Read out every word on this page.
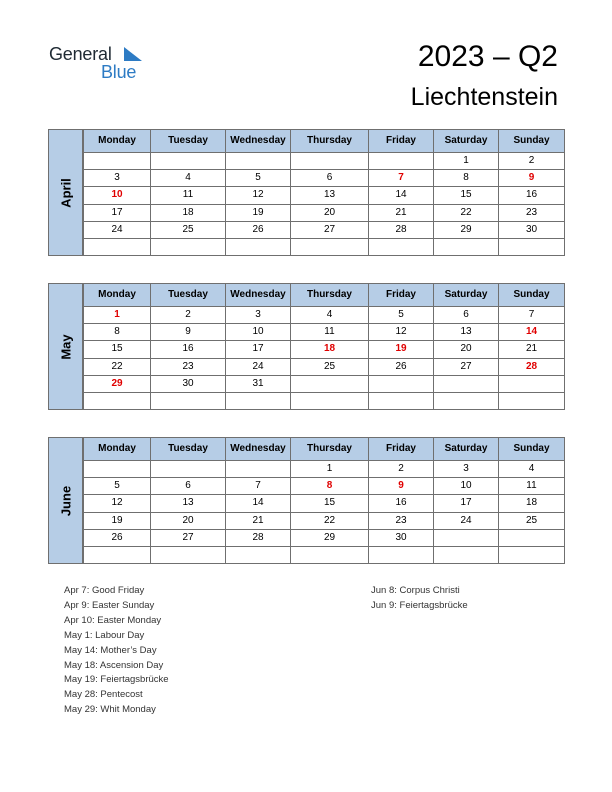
General
Blue	2023 – Q2
Liechtenstein
April
Monday	Tuesday	Wednesday	Thursday	Friday	Saturday	Sunday
					1	2
3	4	5	6	7	8	9
10	11	12	13	14	15	16
17	18	19	20	21	22	23
24	25	26	27	28	29	30

May
Monday	Tuesday	Wednesday	Thursday	Friday	Saturday	Sunday
1	2	3	4	5	6	7
8	9	10	11	12	13	14
15	16	17	18	19	20	21
22	23	24	25	26	27	28
29	30	31				

June
Monday	Tuesday	Wednesday	Thursday	Friday	Saturday	Sunday
			1	2	3	4
5	6	7	8	9	10	11
12	13	14	15	16	17	18
19	20	21	22	23	24	25
26	27	28	29	30		

Apr 7: Good Friday
Apr 9: Easter Sunday
Apr 10: Easter Monday
May 1: Labour Day
May 14: Mother’s Day
May 18: Ascension Day
May 19: Feiertagsbrücke
May 28: Pentecost
May 29: Whit Monday
Jun 8: Corpus Christi
Jun 9: Feiertagsbrücke
